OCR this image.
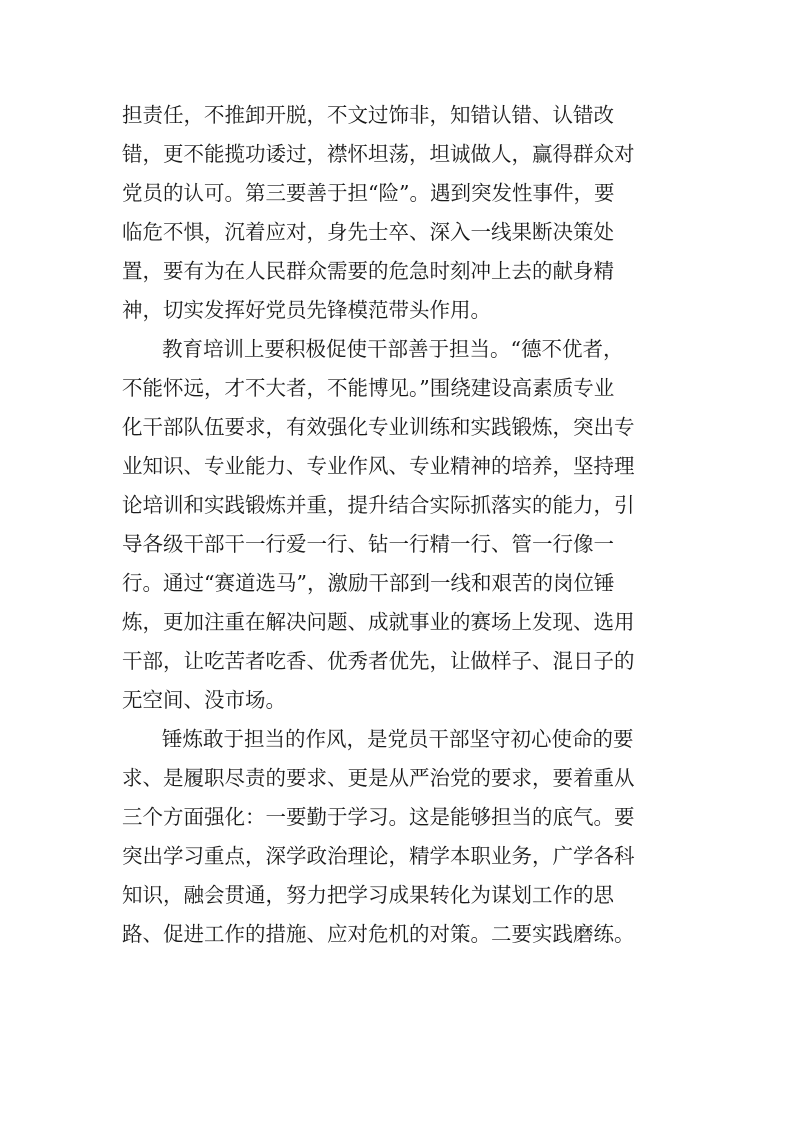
担责任，不推卸开脱，不文过饰非，知错认错、认错改
错，更不能揽功诿过，襟怀坦荡，坦诚做人，赢得群众对
党员的认可。第三要善于担“险”。遇到突发性事件，要
临危不惧，沉着应对，身先士卒、深入一线果断决策处
置，要有为在人民群众需要的危急时刻冲上去的献身精
神，切实发挥好党员先锋模范带头作用。
教育培训上要积极促使干部善于担当。“德不优者，
不能怀远，才不大者，不能博见。”围绕建设高素质专业
化干部队伍要求，有效强化专业训练和实践锻炼，突出专
业知识、专业能力、专业作风、专业精神的培养，坚持理
论培训和实践锻炼并重，提升结合实际抓落实的能力，引
导各级干部干一行爱一行、钻一行精一行、管一行像一
行。通过“赛道选马”，激励干部到一线和艰苦的岗位锤
炼，更加注重在解决问题、成就事业的赛场上发现、选用
干部，让吃苦者吃香、优秀者优先，让做样子、混日子的
无空间、没市场。
锤炼敢于担当的作风，是党员干部坚守初心使命的要
求、是履职尽责的要求、更是从严治党的要求，要着重从
三个方面强化：一要勤于学习。这是能够担当的底气。要
突出学习重点，深学政治理论，精学本职业务，广学各科
知识，融会贯通，努力把学习成果转化为谋划工作的思
路、促进工作的措施、应对危机的对策。二要实践磨练。
